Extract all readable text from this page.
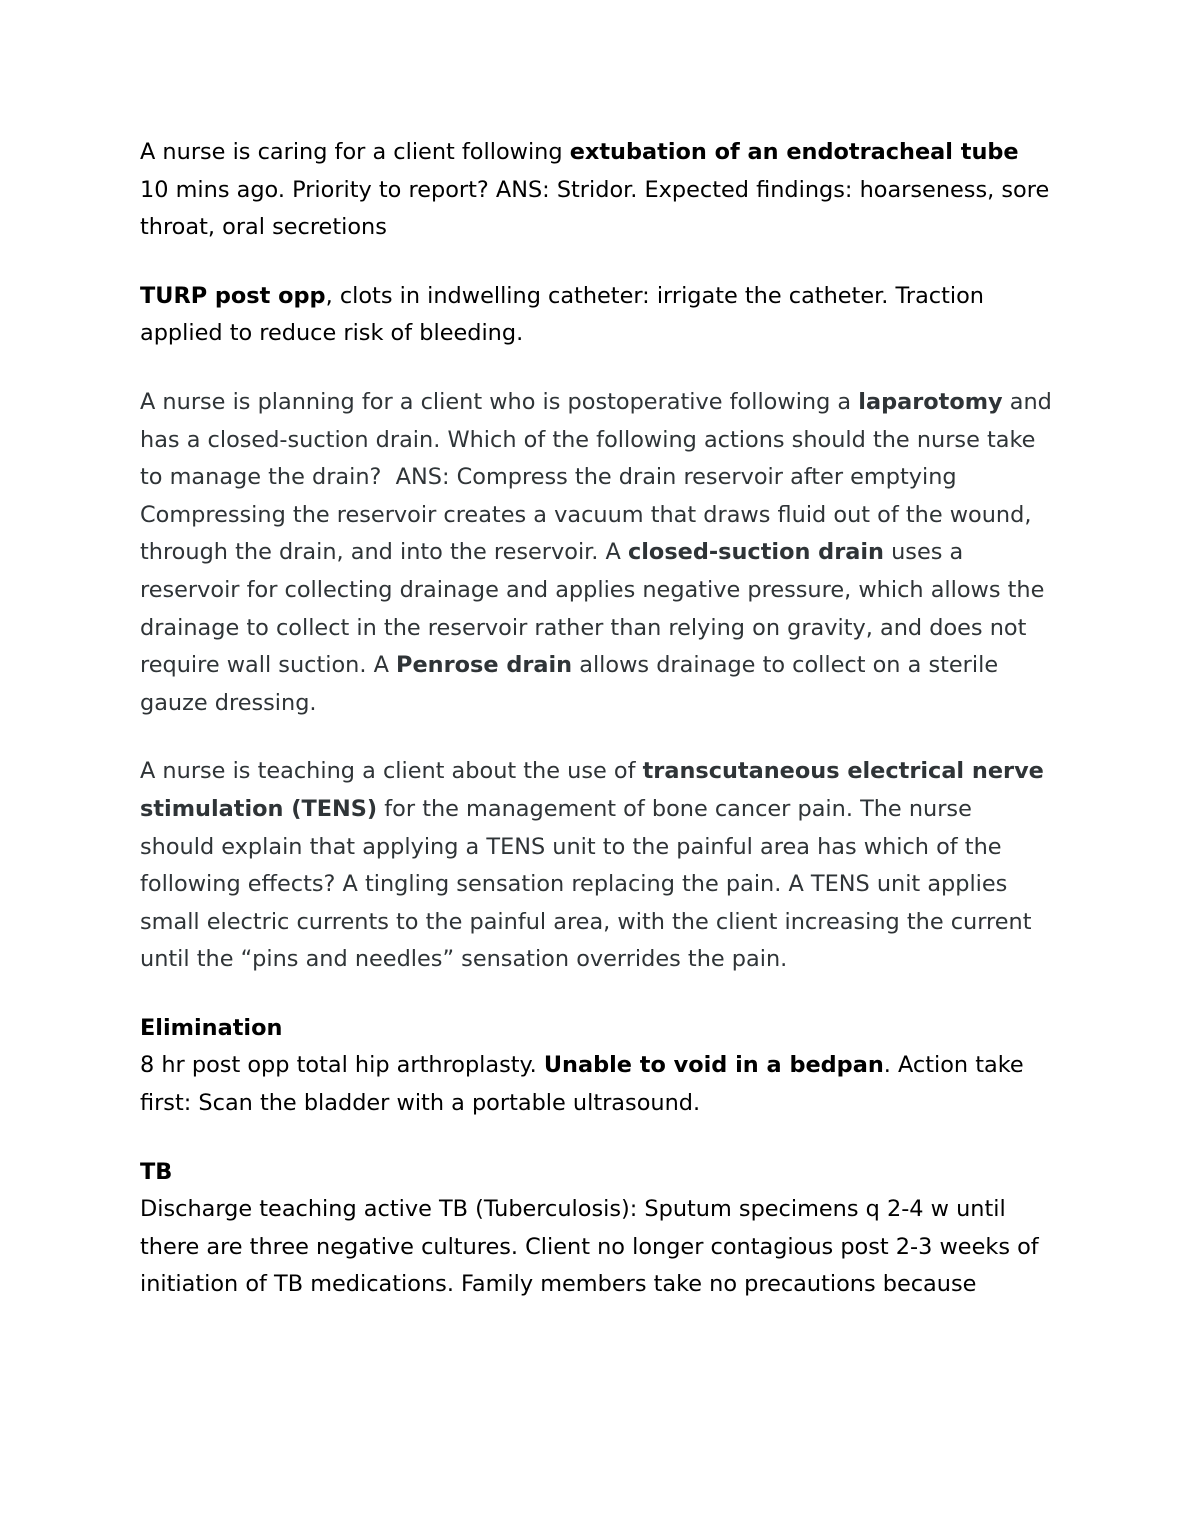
A nurse is caring for a client following extubation of an endotracheal tube 10 mins ago. Priority to report? ANS: Stridor. Expected findings: hoarseness, sore throat, oral secretions

TURP post opp, clots in indwelling catheter: irrigate the catheter. Traction applied to reduce risk of bleeding.

A nurse is planning for a client who is postoperative following a laparotomy and has a closed-suction drain. Which of the following actions should the nurse take to manage the drain?  ANS: Compress the drain reservoir after emptying

Compressing the reservoir creates a vacuum that draws fluid out of the wound, through the drain, and into the reservoir. A closed-suction drain uses a reservoir for collecting drainage and applies negative pressure, which allows the drainage to collect in the reservoir rather than relying on gravity, and does not require wall suction. A Penrose drain allows drainage to collect on a sterile gauze dressing.

A nurse is teaching a client about the use of transcutaneous electrical nerve stimulation (TENS) for the management of bone cancer pain. The nurse should explain that applying a TENS unit to the painful area has which of the following effects? A tingling sensation replacing the pain. A TENS unit applies small electric currents to the painful area, with the client increasing the current until the “pins and needles” sensation overrides the pain.

Elimination

8 hr post opp total hip arthroplasty. Unable to void in a bedpan. Action take first: Scan the bladder with a portable ultrasound.

TB

Discharge teaching active TB (Tuberculosis): Sputum specimens q 2-4 w until there are three negative cultures. Client no longer contagious post 2-3 weeks of initiation of TB medications. Family members take no precautions because
